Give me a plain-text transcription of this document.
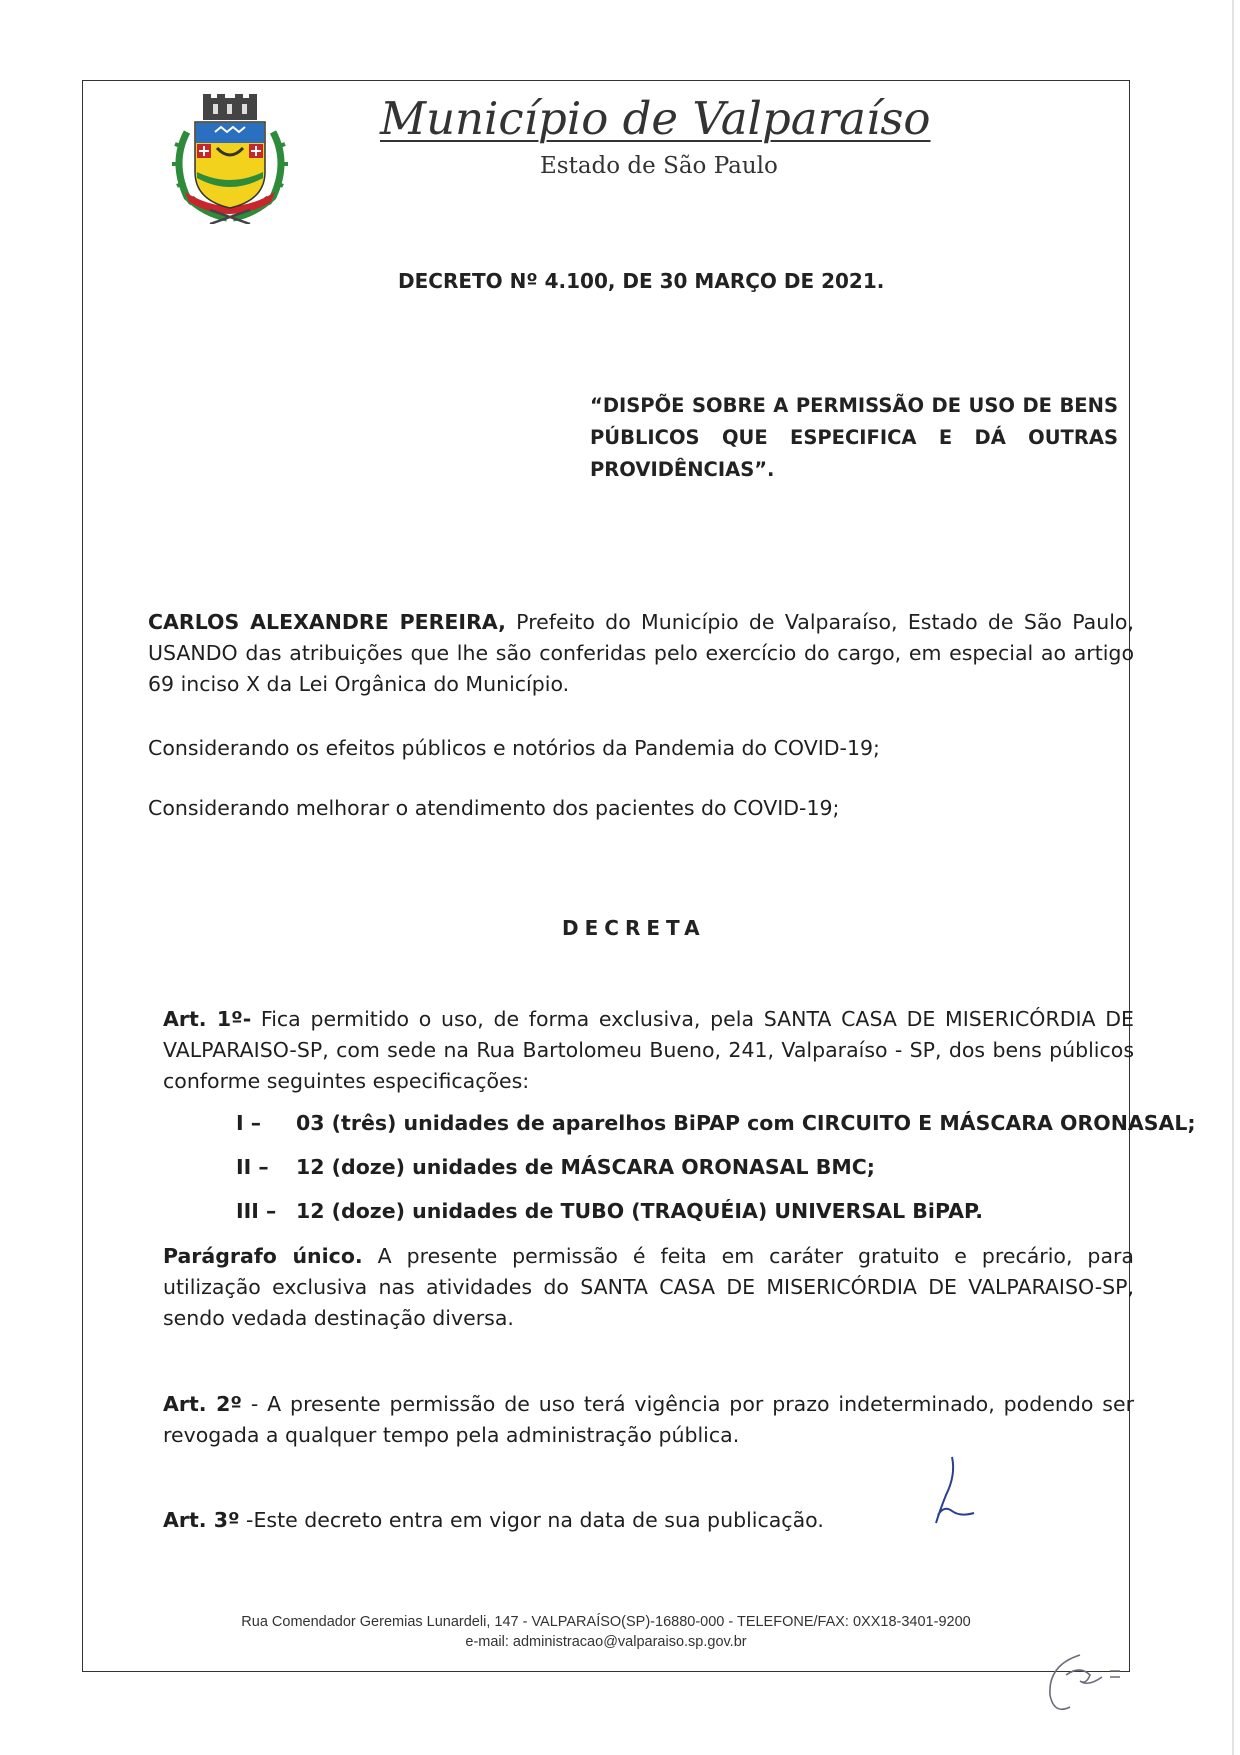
Município de Valparaíso
Estado de São Paulo
DECRETO Nº 4.100, DE 30 MARÇO DE 2021.
“DISPÕE SOBRE A PERMISSÃO DE USO DE BENS PÚBLICOS QUE ESPECIFICA E DÁ OUTRAS PROVIDÊNCIAS”.
CARLOS ALEXANDRE PEREIRA, Prefeito do Município de Valparaíso, Estado de São Paulo, USANDO das atribuições que lhe são conferidas pelo exercício do cargo, em especial ao artigo 69 inciso X da Lei Orgânica do Município.
Considerando os efeitos públicos e notórios da Pandemia do COVID-19;
Considerando melhorar o atendimento dos pacientes do COVID-19;
DECRETA
Art. 1º- Fica permitido o uso, de forma exclusiva, pela SANTA CASA DE MISERICÓRDIA DE VALPARAISO-SP, com sede na Rua Bartolomeu Bueno, 241, Valparaíso - SP, dos bens públicos conforme seguintes especificações:
I – 03 (três) unidades de aparelhos BiPAP com CIRCUITO E MÁSCARA ORONASAL;
II – 12 (doze) unidades de MÁSCARA ORONASAL BMC;
III – 12 (doze) unidades de TUBO (TRAQUÉIA) UNIVERSAL BiPAP.
Parágrafo único. A presente permissão é feita em caráter gratuito e precário, para utilização exclusiva nas atividades do SANTA CASA DE MISERICÓRDIA DE VALPARAISO-SP, sendo vedada destinação diversa.
Art. 2º - A presente permissão de uso terá vigência por prazo indeterminado, podendo ser revogada a qualquer tempo pela administração pública.
Art. 3º -Este decreto entra em vigor na data de sua publicação.
Rua Comendador Geremias Lunardeli, 147 - VALPARAÍSO(SP)-16880-000 - TELEFONE/FAX: 0XX18-3401-9200
e-mail: administracao@valparaiso.sp.gov.br
